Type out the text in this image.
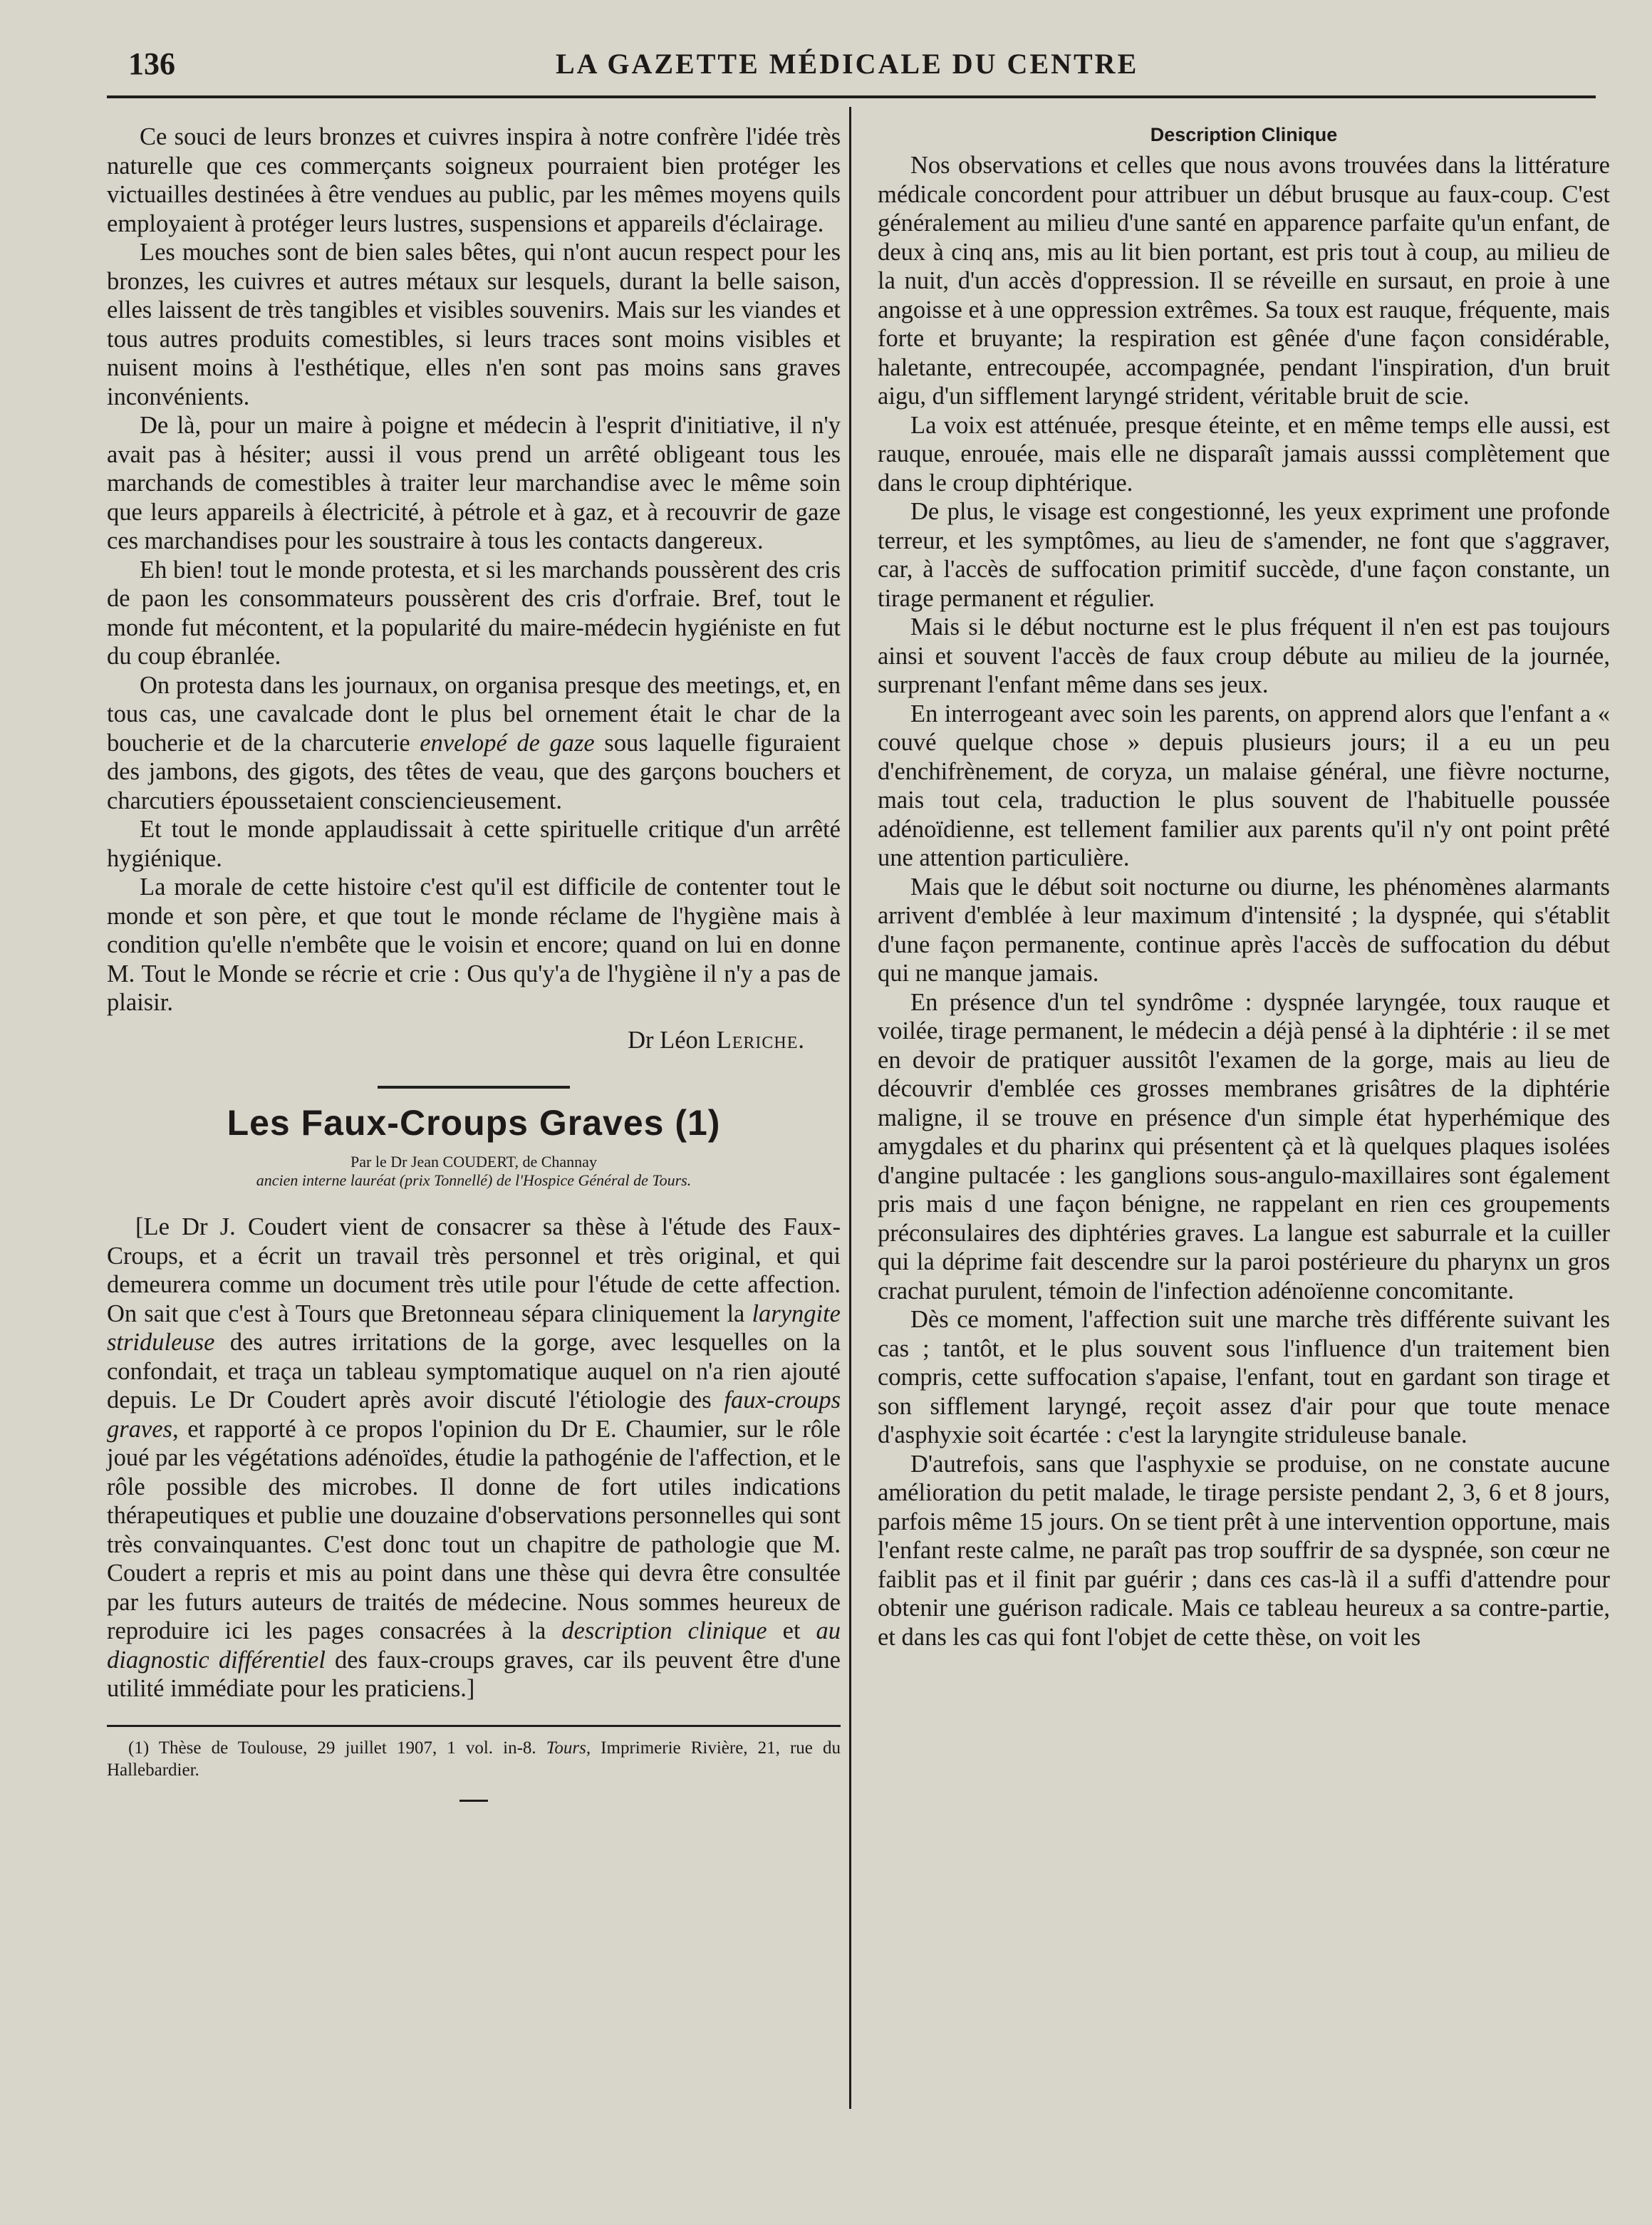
136	LA GAZETTE MÉDICALE DU CENTRE

Ce souci de leurs bronzes et cuivres inspira à notre confrère l'idée très naturelle que ces commerçants soigneux pourraient bien protéger les victuailles destinées à être vendues au public, par les mêmes moyens quils employaient à protéger leurs lustres, suspensions et appareils d'éclairage.

Les mouches sont de bien sales bêtes, qui n'ont aucun respect pour les bronzes, les cuivres et autres métaux sur lesquels, durant la belle saison, elles laissent de très tangibles et visibles souvenirs. Mais sur les viandes et tous autres produits comestibles, si leurs traces sont moins visibles et nuisent moins à l'esthétique, elles n'en sont pas moins sans graves inconvénients.

De là, pour un maire à poigne et médecin à l'esprit d'initiative, il n'y avait pas à hésiter; aussi il vous prend un arrêté obligeant tous les marchands de comestibles à traiter leur marchandise avec le même soin que leurs appareils à électricité, à pétrole et à gaz, et à recouvrir de gaze ces marchandises pour les soustraire à tous les contacts dangereux.

Eh bien! tout le monde protesta, et si les marchands poussèrent des cris de paon les consommateurs poussèrent des cris d'orfraie. Bref, tout le monde fut mécontent, et la popularité du maire-médecin hygiéniste en fut du coup ébranlée.

On protesta dans les journaux, on organisa presque des meetings, et, en tous cas, une cavalcade dont le plus bel ornement était le char de la boucherie et de la charcuterie envelopé de gaze sous laquelle figuraient des jambons, des gigots, des têtes de veau, que des garçons bouchers et charcutiers époussetaient consciencieusement.

Et tout le monde applaudissait à cette spirituelle critique d'un arrêté hygiénique.

La morale de cette histoire c'est qu'il est difficile de contenter tout le monde et son père, et que tout le monde réclame de l'hygiène mais à condition qu'elle n'embête que le voisin et encore; quand on lui en donne M. Tout le Monde se récrie et crie : Ous qu'y'a de l'hygiène il n'y a pas de plaisir.

Dr Léon Leriche.

Les Faux-Croups Graves (1)

Par le Dr Jean COUDERT, de Channay

ancien interne lauréat (prix Tonnellé) de l'Hospice Général de Tours.

[Le Dr J. Coudert vient de consacrer sa thèse à l'étude des Faux-Croups, et a écrit un travail très personnel et très original, et qui demeurera comme un document très utile pour l'étude de cette affection. On sait que c'est à Tours que Bretonneau sépara cliniquement la laryngite striduleuse des autres irritations de la gorge, avec lesquelles on la confondait, et traça un tableau symptomatique auquel on n'a rien ajouté depuis. Le Dr Coudert après avoir discuté l'étiologie des faux-croups graves, et rapporté à ce propos l'opinion du Dr E. Chaumier, sur le rôle joué par les végétations adénoïdes, étudie la pathogénie de l'affection, et le rôle possible des microbes. Il donne de fort utiles indications thérapeutiques et publie une douzaine d'observations personnelles qui sont très convainquantes. C'est donc tout un chapitre de pathologie que M. Coudert a repris et mis au point dans une thèse qui devra être consultée par les futurs auteurs de traités de médecine. Nous sommes heureux de reproduire ici les pages consacrées à la description clinique et au diagnostic différentiel des faux-croups graves, car ils peuvent être d'une utilité immédiate pour les praticiens.]

(1) Thèse de Toulouse, 29 juillet 1907, 1 vol. in-8. Tours, Imprimerie Rivière, 21, rue du Hallebardier.

Description Clinique

Nos observations et celles que nous avons trouvées dans la littérature médicale concordent pour attribuer un début brusque au faux-coup. C'est généralement au milieu d'une santé en apparence parfaite qu'un enfant, de deux à cinq ans, mis au lit bien portant, est pris tout à coup, au milieu de la nuit, d'un accès d'oppression. Il se réveille en sursaut, en proie à une angoisse et à une oppression extrêmes. Sa toux est rauque, fréquente, mais forte et bruyante; la respiration est gênée d'une façon considérable, haletante, entrecoupée, accompagnée, pendant l'inspiration, d'un bruit aigu, d'un sifflement laryngé strident, véritable bruit de scie.

La voix est atténuée, presque éteinte, et en même temps elle aussi, est rauque, enrouée, mais elle ne disparaît jamais ausssi complètement que dans le croup diphtérique.

De plus, le visage est congestionné, les yeux expriment une profonde terreur, et les symptômes, au lieu de s'amender, ne font que s'aggraver, car, à l'accès de suffocation primitif succède, d'une façon constante, un tirage permanent et régulier.

Mais si le début nocturne est le plus fréquent il n'en est pas toujours ainsi et souvent l'accès de faux croup débute au milieu de la journée, surprenant l'enfant même dans ses jeux.

En interrogeant avec soin les parents, on apprend alors que l'enfant a « couvé quelque chose » depuis plusieurs jours; il a eu un peu d'enchifrènement, de coryza, un malaise général, une fièvre nocturne, mais tout cela, traduction le plus souvent de l'habituelle poussée adénoïdienne, est tellement familier aux parents qu'il n'y ont point prêté une attention particulière.

Mais que le début soit nocturne ou diurne, les phénomènes alarmants arrivent d'emblée à leur maximum d'intensité ; la dyspnée, qui s'établit d'une façon permanente, continue après l'accès de suffocation du début qui ne manque jamais.

En présence d'un tel syndrôme : dyspnée laryngée, toux rauque et voilée, tirage permanent, le médecin a déjà pensé à la diphtérie : il se met en devoir de pratiquer aussitôt l'examen de la gorge, mais au lieu de découvrir d'emblée ces grosses membranes grisâtres de la diphtérie maligne, il se trouve en présence d'un simple état hyperhémique des amygdales et du pharinx qui présentent çà et là quelques plaques isolées d'angine pultacée : les ganglions sous-angulo-maxillaires sont également pris mais d une façon bénigne, ne rappelant en rien ces groupements préconsulaires des diphtéries graves. La langue est saburrale et la cuiller qui la déprime fait descendre sur la paroi postérieure du pharynx un gros crachat purulent, témoin de l'infection adénoïenne concomitante.

Dès ce moment, l'affection suit une marche très différente suivant les cas ; tantôt, et le plus souvent sous l'influence d'un traitement bien compris, cette suffocation s'apaise, l'enfant, tout en gardant son tirage et son sifflement laryngé, reçoit assez d'air pour que toute menace d'asphyxie soit écartée : c'est la laryngite striduleuse banale.

D'autrefois, sans que l'asphyxie se produise, on ne constate aucune amélioration du petit malade, le tirage persiste pendant 2, 3, 6 et 8 jours, parfois même 15 jours. On se tient prêt à une intervention opportune, mais l'enfant reste calme, ne paraît pas trop souffrir de sa dyspnée, son cœur ne faiblit pas et il finit par guérir ; dans ces cas-là il a suffi d'attendre pour obtenir une guérison radicale. Mais ce tableau heureux a sa contre-partie, et dans les cas qui font l'objet de cette thèse, on voit les
